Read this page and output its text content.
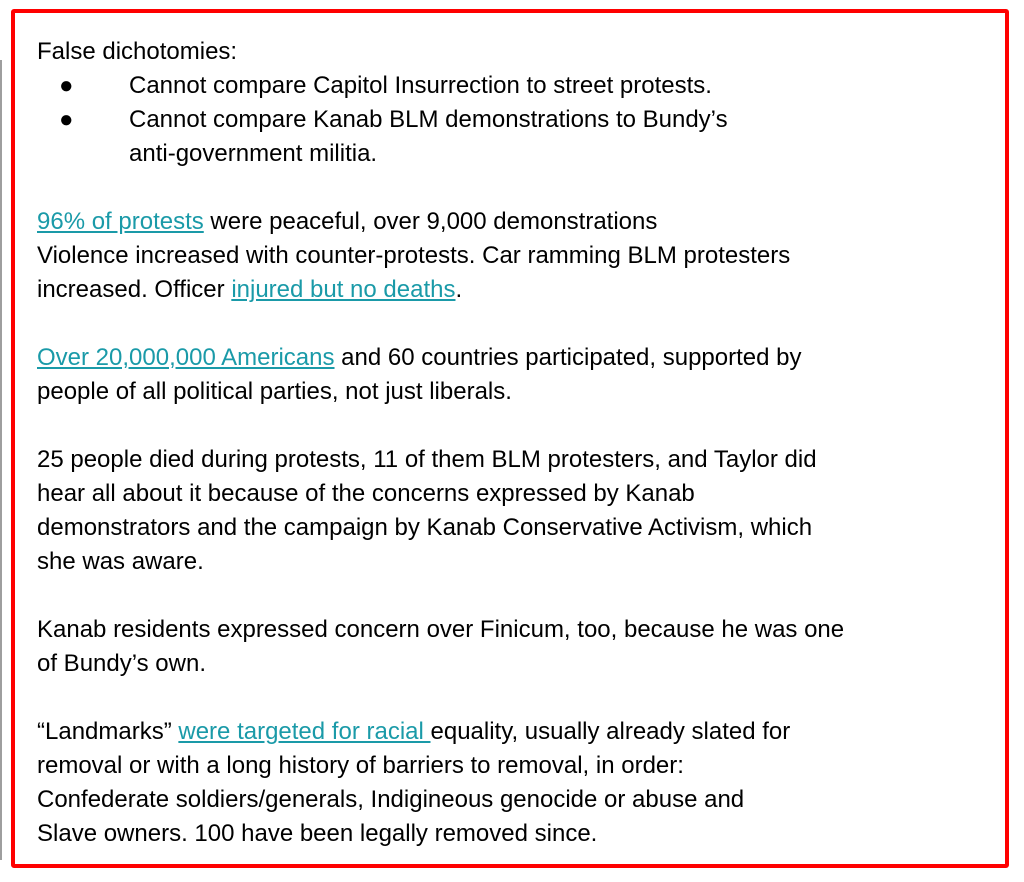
False dichotomies:

● Cannot compare Capitol Insurrection to street protests.
● Cannot compare Kanab BLM demonstrations to Bundy’s
anti-government militia.

96% of protests were peaceful, over 9,000 demonstrations
Violence increased with counter-protests. Car ramming BLM protesters
increased. Officer injured but no deaths.

Over 20,000,000 Americans and 60 countries participated, supported by
people of all political parties, not just liberals.

25 people died during protests, 11 of them BLM protesters, and Taylor did
hear all about it because of the concerns expressed by Kanab
demonstrators and the campaign by Kanab Conservative Activism, which
she was aware.

Kanab residents expressed concern over Finicum, too, because he was one
of Bundy’s own.

“Landmarks” were targeted for racial equality, usually already slated for
removal or with a long history of barriers to removal, in order:
Confederate soldiers/generals, Indigineous genocide or abuse and
Slave owners. 100 have been legally removed since.
